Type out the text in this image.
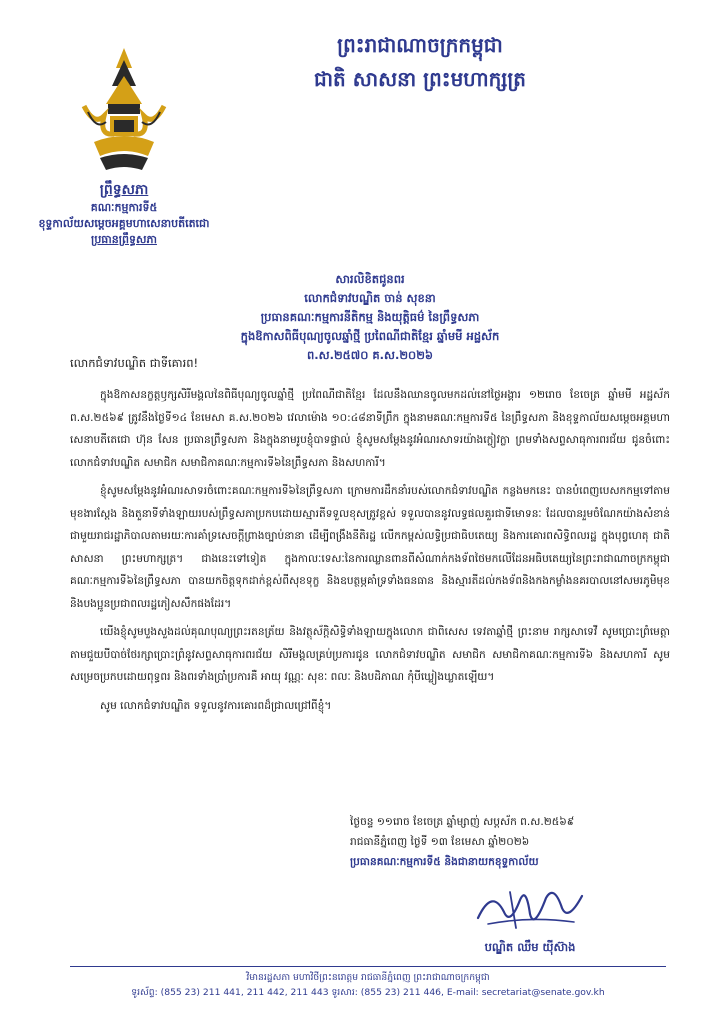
ព្រះរាជាណាចក្រកម្ពុជា
ជាតិ សាសនា ព្រះមហាក្សត្រ
ព្រឹទ្ធសភា
គណៈកម្មការទី៥
ខុទ្ទកាល័យសម្តេចអគ្គមហាសេនាបតីតេជោ
ប្រធានព្រឹទ្ធសភា
សារលិខិតជូនពរ
លោកជំទាវបណ្ឌិត ចាន់ សុខនា
ប្រធានគណៈកម្មការនីតិកម្ម និងយុត្តិធម៌ នៃព្រឹទ្ធសភា
ក្នុងឱកាសពិធីបុណ្យចូលឆ្នាំថ្មី ប្រពៃណីជាតិខ្មែរ ឆ្នាំមមី អដ្ឋស័ក
ព.ស.២៥៧០ គ.ស.២០២៦
លោកជំទាវបណ្ឌិត ជាទីគោរព!

ក្នុងឱកាសនក្ខត្តឫក្សសិរីមង្គលនៃពិធីបុណ្យចូលឆ្នាំថ្មី ប្រពៃណីជាតិខ្មែរ ដែលនឹងឈានចូលមកដល់នៅថ្ងៃអង្គារ ១២រោច ខែចេត្រ ឆ្នាំមមី អដ្ឋស័ក ព.ស.២៥៦៩ ត្រូវនឹងថ្ងៃទី១៤ ខែមេសា គ.ស.២០២៦ វេលាម៉ោង ១០:៤៨នាទីព្រឹក ក្នុងនាមគណៈកម្មការទី៥ នៃព្រឹទ្ធសភា និងខុទ្ទកាល័យសម្តេចអគ្គមហាសេនាបតីតេជោ ហ៊ុន សែន ប្រធានព្រឹទ្ធសភា និងក្នុងនាមរូបខ្ញុំបាទផ្ទាល់ ខ្ញុំសូមសម្តែងនូវអំណរសាទរយ៉ាងក្លៀវក្លា ព្រមទាំងសព្ទសាធុការពរជ័យ ជូនចំពោះលោកជំទាវបណ្ឌិត សមាជិក សមាជិកាគណៈកម្មការទី៦នៃព្រឹទ្ធសភា និងសហការី។

ខ្ញុំសូមសម្តែងនូវអំណរសាទរចំពោះគណៈកម្មការទី៦នៃព្រឹទ្ធសភា ក្រោមការដឹកនាំរបស់លោកជំទាវបណ្ឌិត កន្លងមកនេះ បានបំពេញបេសកកម្មទៅតាមមុខងារស្តែង និងតួនាទីទាំងឡាយរបស់ព្រឹទ្ធសភាប្រកបដោយស្មារតីទទួលខុសត្រូវខ្ពស់ ទទួលបាននូវលទ្ធផលគួរជាទីមោទនៈ ដែលបានរួមចំណែកយ៉ាងសំខាន់ជាមួយរាជរដ្ឋាភិបាលតាមរយៈការគាំទ្រសេចក្តីព្រាងច្បាប់នានា ដើម្បីពង្រឹងនីតិរដ្ឋ លើកកម្ពស់លទ្ធិប្រជាធិបតេយ្យ និងការគោរពសិទ្ធិពលរដ្ឋ ក្នុងបុព្វហេតុ ជាតិ សាសនា ព្រះមហាក្សត្រ។ ជាងនេះទៅទៀត ក្នុងកាលៈទេសៈនៃការឈ្លានពានពីសំណាក់កងទ័ពថៃមកលើដែនអធិបតេយ្យនៃព្រះរាជាណាចក្រកម្ពុជា គណៈកម្មការទី៦នៃព្រឹទ្ធសភា បានយកចិត្តទុកដាក់ខ្ពស់ពីសុខទុក្ខ និងឧបត្ថម្ភគាំទ្រទាំងធនធាន និងស្មារតីដល់កងទ័ពនិងកងកម្លាំងនគរបាលនៅសមរភូមិមុខ និងបងប្អូនប្រជាពលរដ្ឋភៀសសឹកផងដែរ។

យើងខ្ញុំសូមបួងសួងដល់គុណបុណ្យព្រះរតនត្រ័យ និងវត្ថុស័ក្តិសិទ្ធិទាំងឡាយក្នុងលោក ជាពិសេស ទេវតាឆ្នាំថ្មី ព្រះនាម រាក្សសាទេវី សូមប្រោះព្រំមេត្តាតាមជួយបីបាច់ថែរក្សាប្រោះព្រំនូវសព្ទសាធុការពរជ័យ សិរីមង្គលគ្រប់ប្រការជូន លោកជំទាវបណ្ឌិត សមាជិក សមាជិកាគណៈកម្មការទី៦ និងសហការី សូមសម្រេចប្រកបដោយពុទ្ធពរ និងពរទាំងប្រាំប្រការគឺ អាយុ វណ្ណៈ សុខៈ ពលៈ និងបដិភាណ កុំបីឃ្លៀងឃ្លាតឡើយ។

សូម លោកជំទាវបណ្ឌិត ទទួលនូវការគោរពដ៏ជ្រាលជ្រៅពីខ្ញុំ។

ថ្ងៃចន្ទ ១១រោច ខែចេត្រ ឆ្នាំម្សាញ់ សប្តស័ក ព.ស.២៥៦៩
រាជធានីភ្នំពេញ ថ្ងៃទី ១៣ ខែមេសា ឆ្នាំ២០២៦
ប្រធានគណៈកម្មការទី៥ និងជានាយកខុទ្ទកាល័យ
បណ្ឌិត ឈឹម យ៉ីស៊ាង
វិមានរដ្ឋសភា មហាវិថីព្រះនរោត្តម រាជធានីភ្នំពេញ ព្រះរាជាណាចក្រកម្ពុជា
ទូរស័ព្ទ: (855 23) 211 441, 211 442, 211 443 ទូរសារ: (855 23) 211 446, E-mail: secretariat@senate.gov.kh
